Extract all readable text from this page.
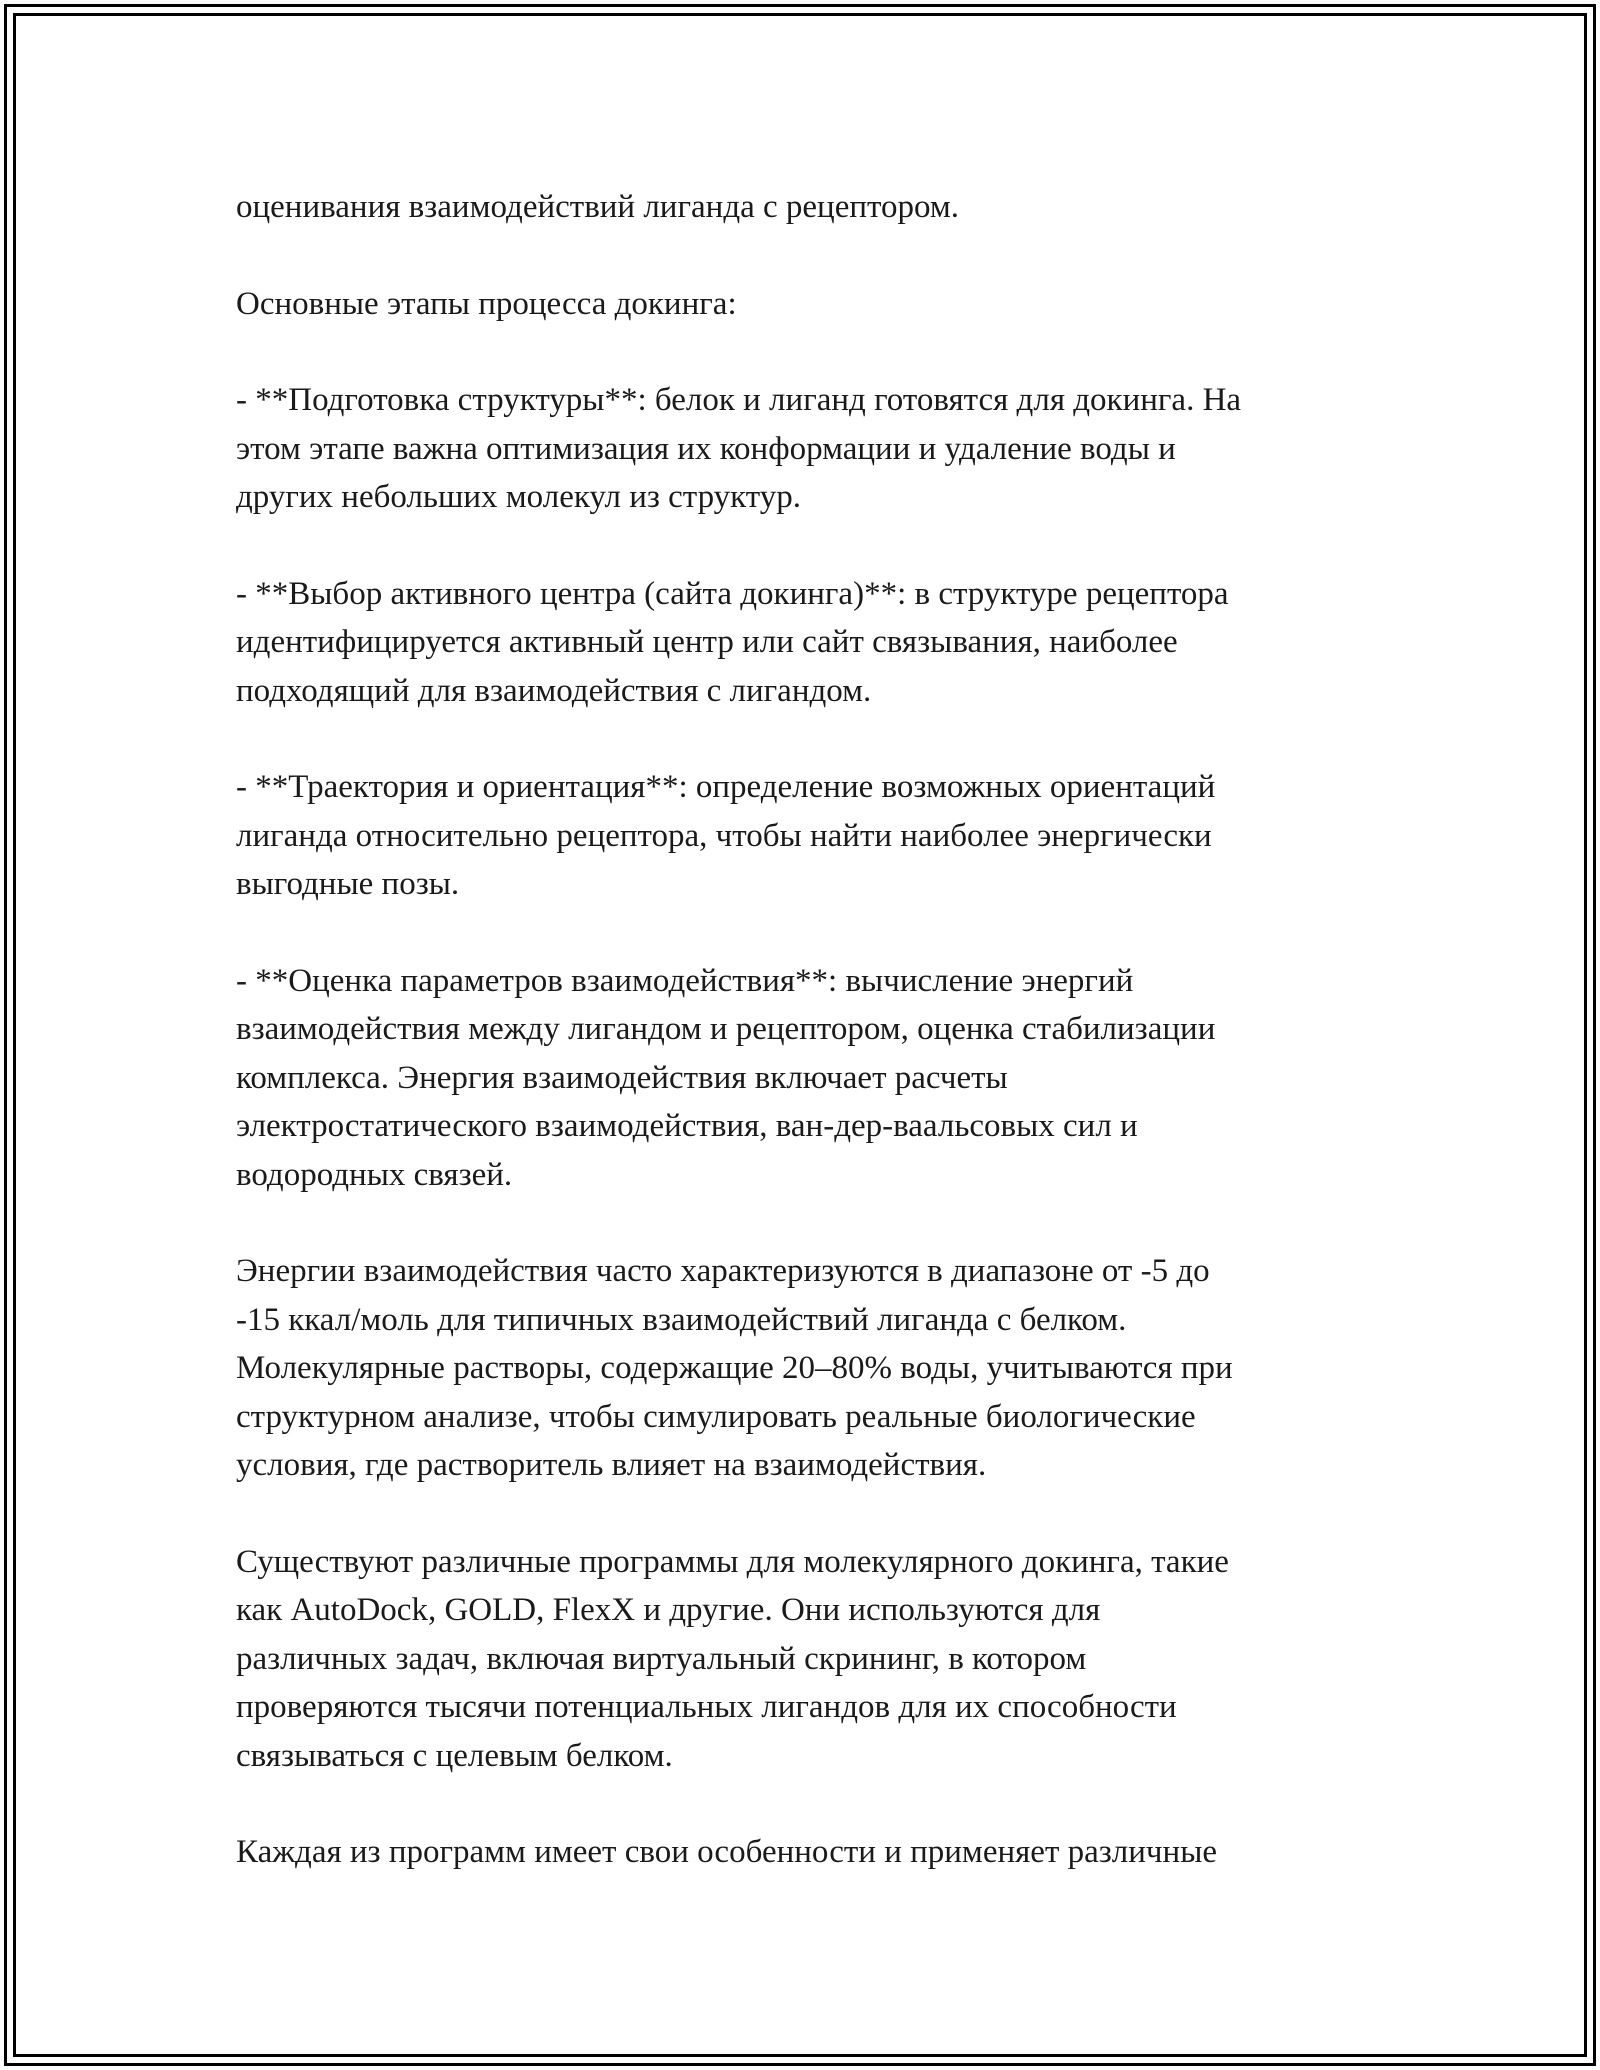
оценивания взаимодействий лиганда с рецептором.

Основные этапы процесса докинга:

- **Подготовка структуры**: белок и лиганд готовятся для докинга. На
этом этапе важна оптимизация их конформации и удаление воды и
других небольших молекул из структур.

- **Выбор активного центра (сайта докинга)**: в структуре рецептора
идентифицируется активный центр или сайт связывания, наиболее
подходящий для взаимодействия с лигандом.

- **Траектория и ориентация**: определение возможных ориентаций
лиганда относительно рецептора, чтобы найти наиболее энергически
выгодные позы.

- **Оценка параметров взаимодействия**: вычисление энергий
взаимодействия между лигандом и рецептором, оценка стабилизации
комплекса. Энергия взаимодействия включает расчеты
электростатического взаимодействия, ван-дер-ваальсовых сил и
водородных связей.

Энергии взаимодействия часто характеризуются в диапазоне от -5 до
-15 ккал/моль для типичных взаимодействий лиганда с белком.
Молекулярные растворы, содержащие 20–80% воды, учитываются при
структурном анализе, чтобы симулировать реальные биологические
условия, где растворитель влияет на взаимодействия.

Существуют различные программы для молекулярного докинга, такие
как AutoDock, GOLD, FlexX и другие. Они используются для
различных задач, включая виртуальный скрининг, в котором
проверяются тысячи потенциальных лигандов для их способности
связываться с целевым белком.

Каждая из программ имеет свои особенности и применяет различные
